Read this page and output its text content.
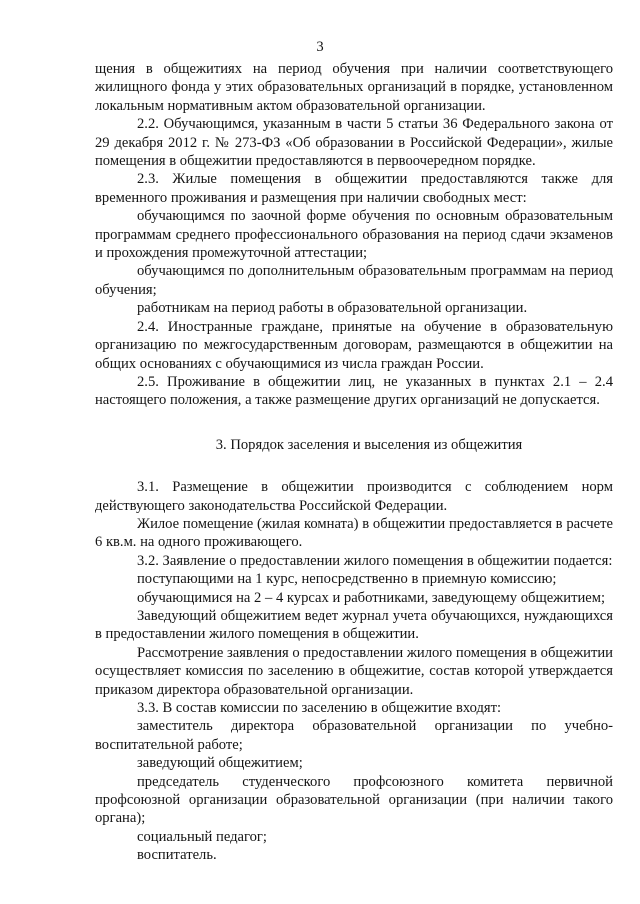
3

щения в общежитиях на период обучения при наличии соответствующего жилищного фонда у этих образовательных организаций в порядке, установленном локальным нормативным актом образовательной организации.

2.2. Обучающимся, указанным в части 5 статьи 36 Федерального закона от 29 декабря 2012 г. № 273-ФЗ «Об образовании в Российской Федерации», жилые помещения в общежитии предоставляются в первоочередном порядке.

2.3. Жилые помещения в общежитии предоставляются также для временного проживания и размещения при наличии свободных мест:

обучающимся по заочной форме обучения по основным образовательным программам среднего профессионального образования на период сдачи экзаменов и прохождения промежуточной аттестации;

обучающимся по дополнительным образовательным программам на период обучения;

работникам на период работы в образовательной организации.

2.4. Иностранные граждане, принятые на обучение в образовательную организацию по межгосударственным договорам, размещаются в общежитии на общих основаниях с обучающимися из числа граждан России.

2.5. Проживание в общежитии лиц, не указанных в пунктах 2.1 – 2.4 настоящего положения, а также размещение других организаций не допускается.

3. Порядок заселения и выселения из общежития

3.1. Размещение в общежитии производится с соблюдением норм действующего законодательства Российской Федерации.

Жилое помещение (жилая комната) в общежитии предоставляется в расчете 6 кв.м. на одного проживающего.

3.2. Заявление о предоставлении жилого помещения в общежитии подается:

поступающими на 1 курс, непосредственно в приемную комиссию;

обучающимися на 2 – 4 курсах и работниками, заведующему общежитием;

Заведующий общежитием ведет журнал учета обучающихся, нуждающихся в предоставлении жилого помещения в общежитии.

Рассмотрение заявления о предоставлении жилого помещения в общежитии осуществляет комиссия по заселению в общежитие, состав которой утверждается приказом директора образовательной организации.

3.3. В состав комиссии по заселению в общежитие входят:

заместитель директора образовательной организации по учебно-воспитательной работе;

заведующий общежитием;

председатель студенческого профсоюзного комитета первичной профсоюзной организации образовательной организации (при наличии такого органа);

социальный педагог;

воспитатель.
